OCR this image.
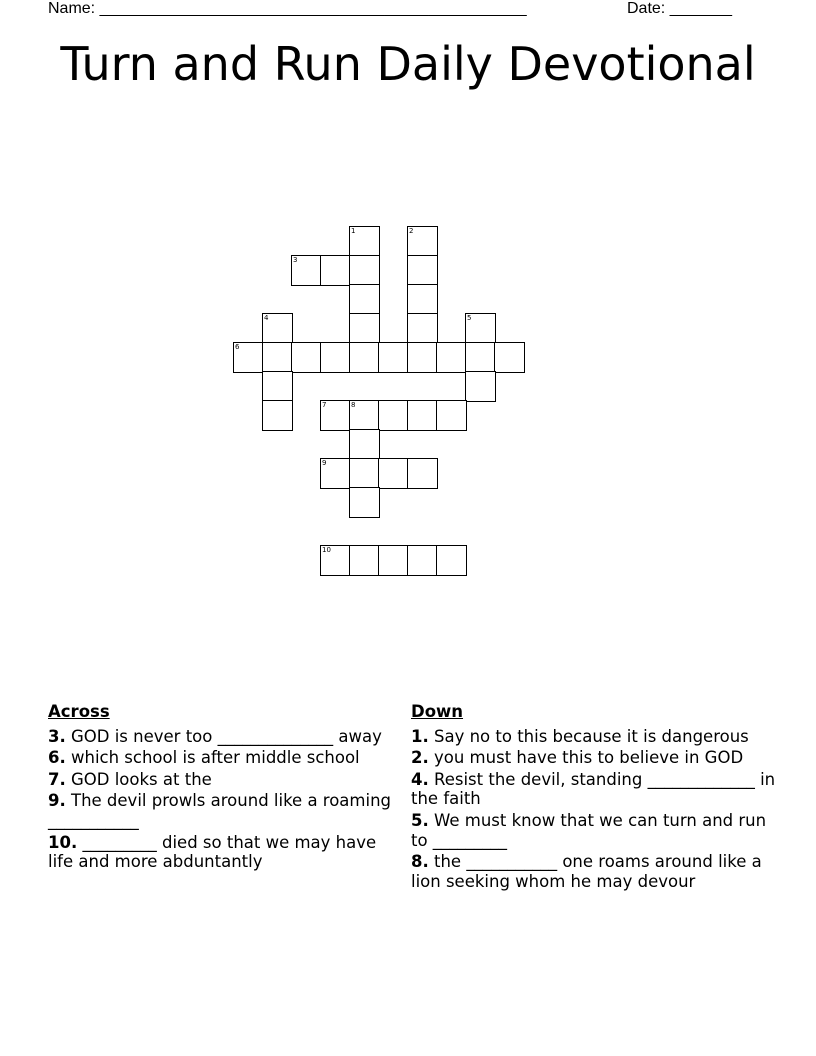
Name: ________________________________________________	Date: _______
Turn and Run Daily Devotional
1	2
3
4	5
6
7	8
9
10
Across
3. GOD is never too ______________ away
6. which school is after middle school
7. GOD looks at the
9. The devil prowls around like a roaming ___________
10. _________ died so that we may have life and more abduntantly
Down
1. Say no to this because it is dangerous
2. you must have this to believe in GOD
4. Resist the devil, standing _____________ in the faith
5. We must know that we can turn and run to _________
8. the ___________ one roams around like a lion seeking whom he may devour
